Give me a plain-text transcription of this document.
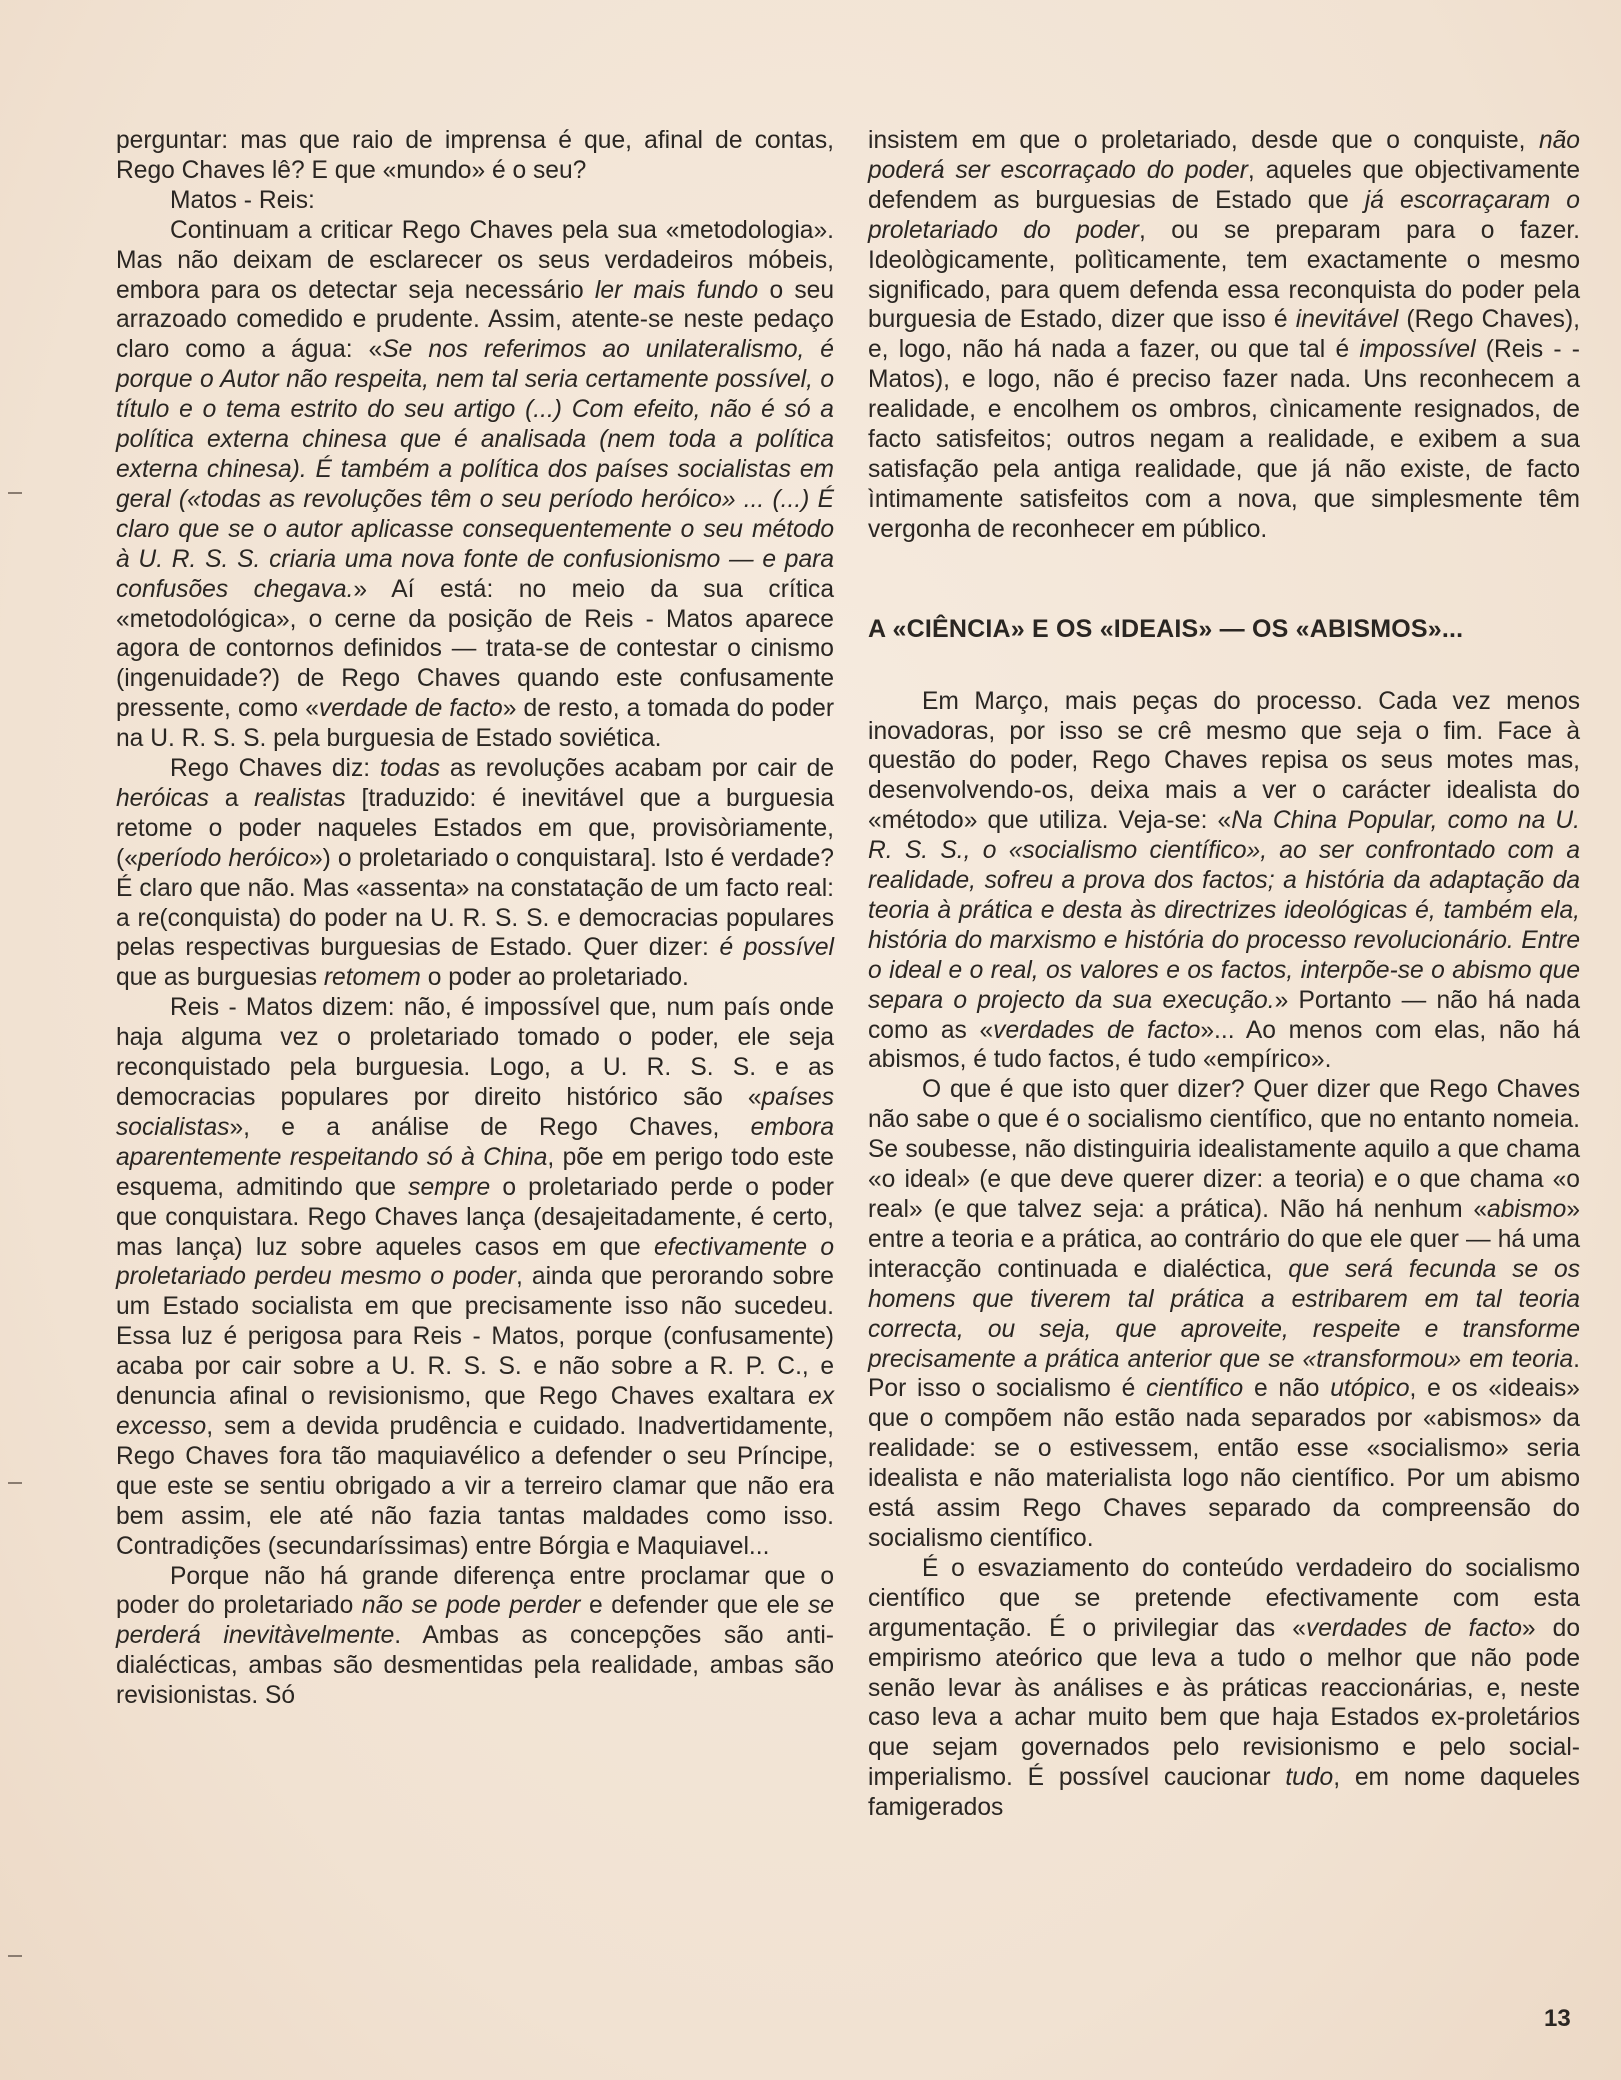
perguntar: mas que raio de imprensa é que, afinal de contas, Rego Chaves lê? E que «mundo» é o seu?

Matos - Reis:

Continuam a criticar Rego Chaves pela sua «metodologia». Mas não deixam de esclarecer os seus verdadeiros móbeis, embora para os detectar seja necessário ler mais fundo o seu arrazoado comedido e prudente. Assim, atente-se neste pedaço claro como a água: «Se nos referimos ao unilateralismo, é porque o Autor não respeita, nem tal seria certamente possível, o título e o tema estrito do seu artigo (...) Com efeito, não é só a política externa chinesa que é analisada (nem toda a política externa chinesa). É também a política dos países socialistas em geral («todas as revoluções têm o seu período heróico» ... (...) É claro que se o autor aplicasse consequentemente o seu método à U. R. S. S. criaria uma nova fonte de confusionismo — e para confusões chegava.» Aí está: no meio da sua crítica «metodológica», o cerne da posição de Reis - Matos aparece agora de contornos definidos — trata-se de contestar o cinismo (ingenuidade?) de Rego Chaves quando este confusamente pressente, como «verdade de facto» de resto, a tomada do poder na U. R. S. S. pela burguesia de Estado soviética.

Rego Chaves diz: todas as revoluções acabam por cair de heróicas a realistas [traduzido: é inevitável que a burguesia retome o poder naqueles Estados em que, provisòriamente, («período heróico») o proletariado o conquistara]. Isto é verdade? É claro que não. Mas «assenta» na constatação de um facto real: a re(conquista) do poder na U. R. S. S. e democracias populares pelas respectivas burguesias de Estado. Quer dizer: é possível que as burguesias retomem o poder ao proletariado.

Reis - Matos dizem: não, é impossível que, num país onde haja alguma vez o proletariado tomado o poder, ele seja reconquistado pela burguesia. Logo, a U. R. S. S. e as democracias populares por direito histórico são «países socialistas», e a análise de Rego Chaves, embora aparentemente respeitando só à China, põe em perigo todo este esquema, admitindo que sempre o proletariado perde o poder que conquistara. Rego Chaves lança (desajeitadamente, é certo, mas lança) luz sobre aqueles casos em que efectivamente o proletariado perdeu mesmo o poder, ainda que perorando sobre um Estado socialista em que precisamente isso não sucedeu. Essa luz é perigosa para Reis - Matos, porque (confusamente) acaba por cair sobre a U. R. S. S. e não sobre a R. P. C., e denuncia afinal o revisionismo, que Rego Chaves exaltara ex excesso, sem a devida prudência e cuidado. Inadvertidamente, Rego Chaves fora tão maquiavélico a defender o seu Príncipe, que este se sentiu obrigado a vir a terreiro clamar que não era bem assim, ele até não fazia tantas maldades como isso. Contradições (secundaríssimas) entre Bórgia e Maquiavel...

Porque não há grande diferença entre proclamar que o poder do proletariado não se pode perder e defender que ele se perderá inevitàvelmente. Ambas as concepções são anti-dialécticas, ambas são desmentidas pela realidade, ambas são revisionistas. Só

insistem em que o proletariado, desde que o conquiste, não poderá ser escorraçado do poder, aqueles que objectivamente defendem as burguesias de Estado que já escorraçaram o proletariado do poder, ou se preparam para o fazer. Ideològicamente, polìticamente, tem exactamente o mesmo significado, para quem defenda essa reconquista do poder pela burguesia de Estado, dizer que isso é inevitável (Rego Chaves), e, logo, não há nada a fazer, ou que tal é impossível (Reis - - Matos), e logo, não é preciso fazer nada. Uns reconhecem a realidade, e encolhem os ombros, cìnicamente resignados, de facto satisfeitos; outros negam a realidade, e exibem a sua satisfação pela antiga realidade, que já não existe, de facto ìntimamente satisfeitos com a nova, que simplesmente têm vergonha de reconhecer em público.

A «CIÊNCIA» E OS «IDEAIS» — OS «ABISMOS»...

Em Março, mais peças do processo. Cada vez menos inovadoras, por isso se crê mesmo que seja o fim. Face à questão do poder, Rego Chaves repisa os seus motes mas, desenvolvendo-os, deixa mais a ver o carácter idealista do «método» que utiliza. Veja-se: «Na China Popular, como na U. R. S. S., o «socialismo científico», ao ser confrontado com a realidade, sofreu a prova dos factos; a história da adaptação da teoria à prática e desta às directrizes ideológicas é, também ela, história do marxismo e história do processo revolucionário. Entre o ideal e o real, os valores e os factos, interpõe-se o abismo que separa o projecto da sua execução.» Portanto — não há nada como as «verdades de facto»... Ao menos com elas, não há abismos, é tudo factos, é tudo «empírico».

O que é que isto quer dizer? Quer dizer que Rego Chaves não sabe o que é o socialismo científico, que no entanto nomeia. Se soubesse, não distinguiria idealistamente aquilo a que chama «o ideal» (e que deve querer dizer: a teoria) e o que chama «o real» (e que talvez seja: a prática). Não há nenhum «abismo» entre a teoria e a prática, ao contrário do que ele quer — há uma interacção continuada e dialéctica, que será fecunda se os homens que tiverem tal prática a estribarem em tal teoria correcta, ou seja, que aproveite, respeite e transforme precisamente a prática anterior que se «transformou» em teoria. Por isso o socialismo é científico e não utópico, e os «ideais» que o compõem não estão nada separados por «abismos» da realidade: se o estivessem, então esse «socialismo» seria idealista e não materialista logo não científico. Por um abismo está assim Rego Chaves separado da compreensão do socialismo científico.

É o esvaziamento do conteúdo verdadeiro do socialismo científico que se pretende efectivamente com esta argumentação. É o privilegiar das «verdades de facto» do empirismo ateórico que leva a tudo o melhor que não pode senão levar às análises e às práticas reaccionárias, e, neste caso leva a achar muito bem que haja Estados ex-proletários que sejam governados pelo revisionismo e pelo social-imperialismo. É possível caucionar tudo, em nome daqueles famigerados

13
